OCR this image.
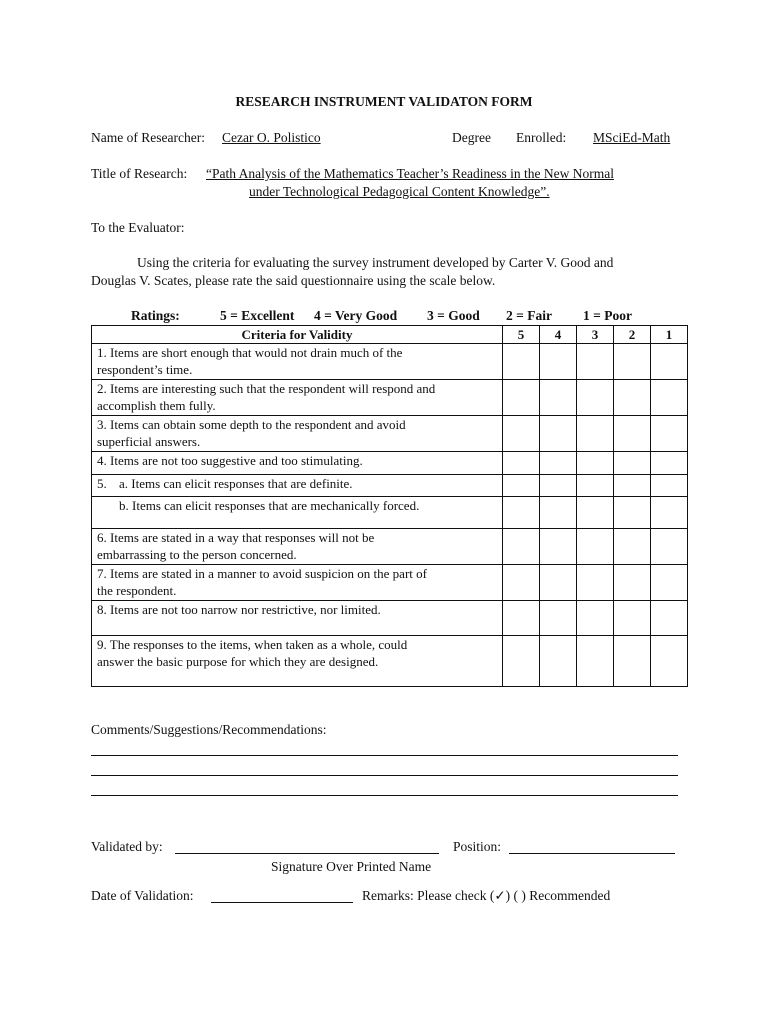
RESEARCH INSTRUMENT VALIDATON FORM
Name of Researcher: Cezar O. Polistico	Degree Enrolled: MSciEd-Math
Title of Research: “Path Analysis of the Mathematics Teacher’s Readiness in the New Normal
under Technological Pedagogical Content Knowledge”.
To the Evaluator:
Using the criteria for evaluating the survey instrument developed by Carter V. Good and
Douglas V. Scates, please rate the said questionnaire using the scale below.
Ratings:	5 = Excellent 4 = Very Good 3 = Good 2 = Fair 1 = Poor
Criteria for Validity	5	4	3	2	1
1. Items are short enough that would not drain much of the
respondent’s time.					
2. Items are interesting such that the respondent will respond and
accomplish them fully.					
3. Items can obtain some depth to the respondent and avoid
superficial answers.					
4. Items are not too suggestive and too stimulating.					
5. a. Items can elicit responses that are definite.					
b. Items can elicit responses that are mechanically forced.					
6. Items are stated in a way that responses will not be
embarrassing to the person concerned.					
7. Items are stated in a manner to avoid suspicion on the part of
the respondent.					
8. Items are not too narrow nor restrictive, nor limited.					
9. The responses to the items, when taken as a whole, could
answer the basic purpose for which they are designed.					
Comments/Suggestions/Recommendations:
Validated by:	Position:
Signature Over Printed Name
Date of Validation:	Remarks: Please check (✓) ( ) Recommended
